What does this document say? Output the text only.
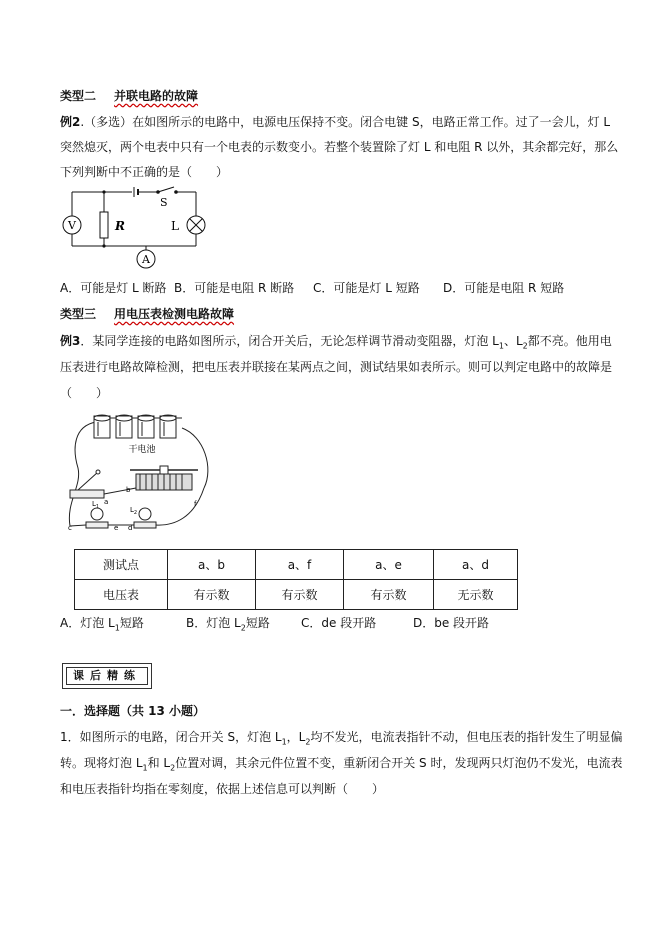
类型二 并联电路的故障
例2.（多选）在如图所示的电路中，电源电压保持不变。闭合电键 S，电路正常工作。过了一会儿，灯 L
突然熄灭，两个电表中只有一个电表的示数变小。若整个装置除了灯 L 和电阻 R 以外，其余都完好，那么
下列判断中不正确的是（　　）
V	R
S
L
A
A．可能是灯 L 断路 B．可能是电阻 R 断路 C．可能是灯 L 短路 D．可能是电阻 R 短路
类型三 用电压表检测电路故障
例3．某同学连接的电路如图所示，闭合开关后，无论怎样调节滑动变阻器，灯泡 $L_1$、$L_2$都不亮。他用电
压表进行电路故障检测，把电压表并联接在某两点之间，测试结果如表所示。则可以判定电路中的故障是
（　　）
干电池
a
b
c	d
e
f
$L_1$	$L_2$
测试点	a、b	a、f	a、e	a、d
电压表	有示数	有示数	有示数	无示数
A．灯泡 $L_1$短路	B．灯泡 $L_2$短路	C．de 段开路	D．be 段开路
课后精练
一．选择题（共 13 小题）
1．如图所示的电路，闭合开关 S，灯泡 $L_1$，$L_2$均不发光，电流表指针不动，但电压表的指针发生了明显偏
转。现将灯泡 $L_1$和 $L_2$位置对调，其余元件位置不变，重新闭合开关 S 时，发现两只灯泡仍不发光，电流表
和电压表指针均指在零刻度，依据上述信息可以判断（　　）
